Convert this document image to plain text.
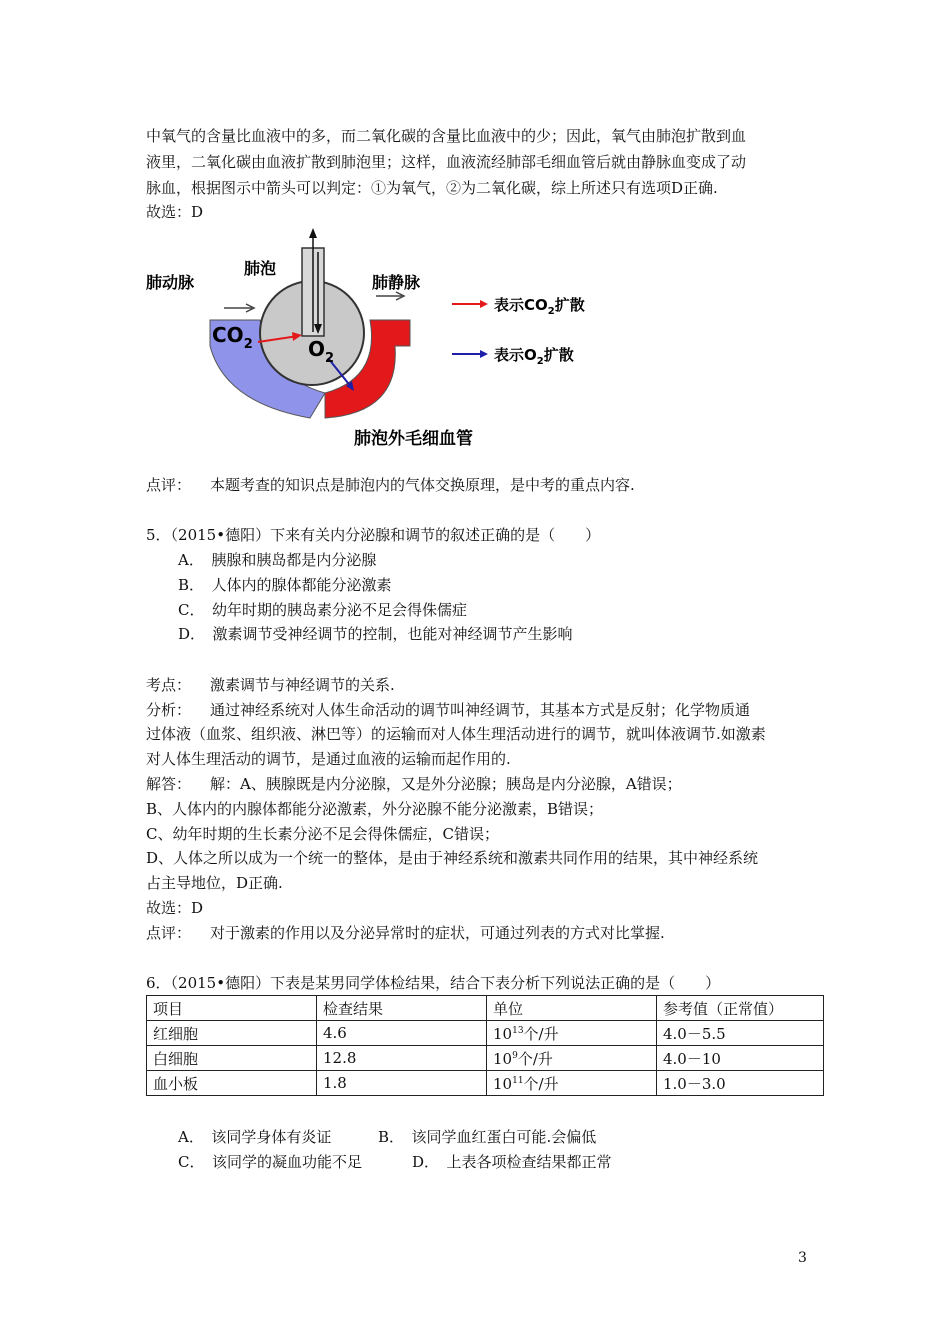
中氧气的含量比血液中的多，而二氧化碳的含量比血液中的少；因此，氧气由肺泡扩散到血
液里，二氧化碳由血液扩散到肺泡里；这样，血液流经肺部毛细血管后就由静脉血变成了动
脉血，根据图示中箭头可以判定：①为氧气，②为二氧化碳，综上所述只有选项D正确.
故选：D
肺动脉
肺泡
肺静脉
$CO_2$	$O_2$
肺泡外毛细血管
表示$CO_2$扩散
表示$O_2$扩散
点评： 本题考查的知识点是肺泡内的气体交换原理，是中考的重点内容.
5．（2015•德阳）下来有关内分泌腺和调节的叙述正确的是（　　）
A．　胰腺和胰岛都是内分泌腺
B．　人体内的腺体都能分泌激素
C．　幼年时期的胰岛素分泌不足会得侏儒症
D．　激素调节受神经调节的控制，也能对神经调节产生影响
考点： 激素调节与神经调节的关系.
分析： 通过神经系统对人体生命活动的调节叫神经调节，其基本方式是反射；化学物质通
过体液（血浆、组织液、淋巴等）的运输而对人体生理活动进行的调节，就叫体液调节.如激素
对人体生理活动的调节，是通过血液的运输而起作用的.
解答： 解：A、胰腺既是内分泌腺，又是外分泌腺；胰岛是内分泌腺，A错误；
B、人体内的内腺体都能分泌激素，外分泌腺不能分泌激素，B错误；
C、幼年时期的生长素分泌不足会得侏儒症，C错误；
D、人体之所以成为一个统一的整体，是由于神经系统和激素共同作用的结果，其中神经系统
占主导地位，D正确.
故选：D
点评： 对于激素的作用以及分泌异常时的症状，可通过列表的方式对比掌握.
6．（2015•德阳）下表是某男同学体检结果，结合下表分析下列说法正确的是（　　）
项目	检查结果	单位	参考值（正常值）
红细胞	4.6	$10^{13}$个/升	4.0－5.5
白细胞	12.8	$10^9$个/升	4.0－10
血小板	1.8	$10^{11}$个/升	1.0－3.0
A．　该同学身体有炎证	B．　该同学血红蛋白可能.会偏低
C．　该同学的凝血功能不足	D．　上表各项检查结果都正常
3
